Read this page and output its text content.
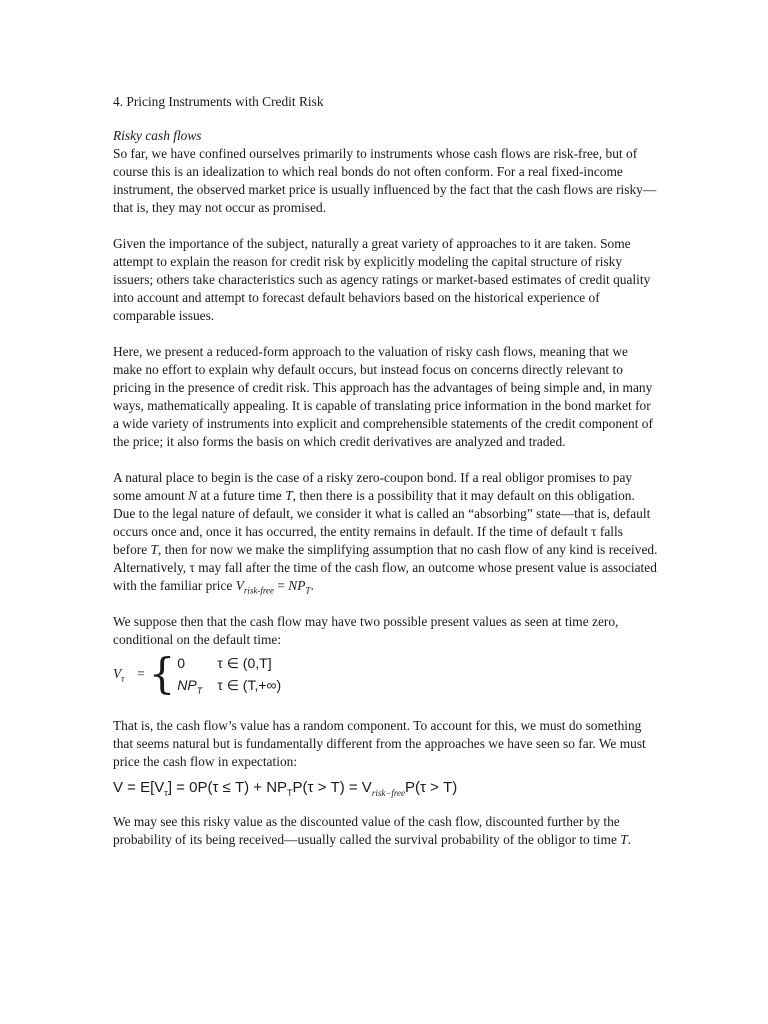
4. Pricing Instruments with Credit Risk
Risky cash flows

So far, we have confined ourselves primarily to instruments whose cash flows are risk-free, but of course this is an idealization to which real bonds do not often conform. For a real fixed-income instrument, the observed market price is usually influenced by the fact that the cash flows are risky—that is, they may not occur as promised.

Given the importance of the subject, naturally a great variety of approaches to it are taken. Some attempt to explain the reason for credit risk by explicitly modeling the capital structure of risky issuers; others take characteristics such as agency ratings or market-based estimates of credit quality into account and attempt to forecast default behaviors based on the historical experience of comparable issues.

Here, we present a reduced-form approach to the valuation of risky cash flows, meaning that we make no effort to explain why default occurs, but instead focus on concerns directly relevant to pricing in the presence of credit risk. This approach has the advantages of being simple and, in many ways, mathematically appealing. It is capable of translating price information in the bond market for a wide variety of instruments into explicit and comprehensible statements of the credit component of the price; it also forms the basis on which credit derivatives are analyzed and traded.

A natural place to begin is the case of a risky zero-coupon bond. If a real obligor promises to pay some amount N at a future time T, then there is a possibility that it may default on this obligation. Due to the legal nature of default, we consider it what is called an “absorbing” state—that is, default occurs once and, once it has occurred, the entity remains in default. If the time of default τ falls before T, then for now we make the simplifying assumption that no cash flow of any kind is received. Alternatively, τ may fall after the time of the cash flow, an outcome whose present value is associated with the familiar price $V_{risk-free} = NP_T$.

We suppose then that the cash flow may have two possible present values as seen at time zero, conditional on the default time:

$V_\tau$ = { 0	τ ∈ (0,T]
$NP_T$	τ ∈ (T,+∞)

That is, the cash flow’s value has a random component. To account for this, we must do something that seems natural but is fundamentally different from the approaches we have seen so far. We must price the cash flow in expectation:

$V = E[V_\tau] = 0P(\tau \le T) + NP_TP(\tau > T) = V_{risk-free}P(\tau > T)$

We may see this risky value as the discounted value of the cash flow, discounted further by the probability of its being received—usually called the survival probability of the obligor to time T.
